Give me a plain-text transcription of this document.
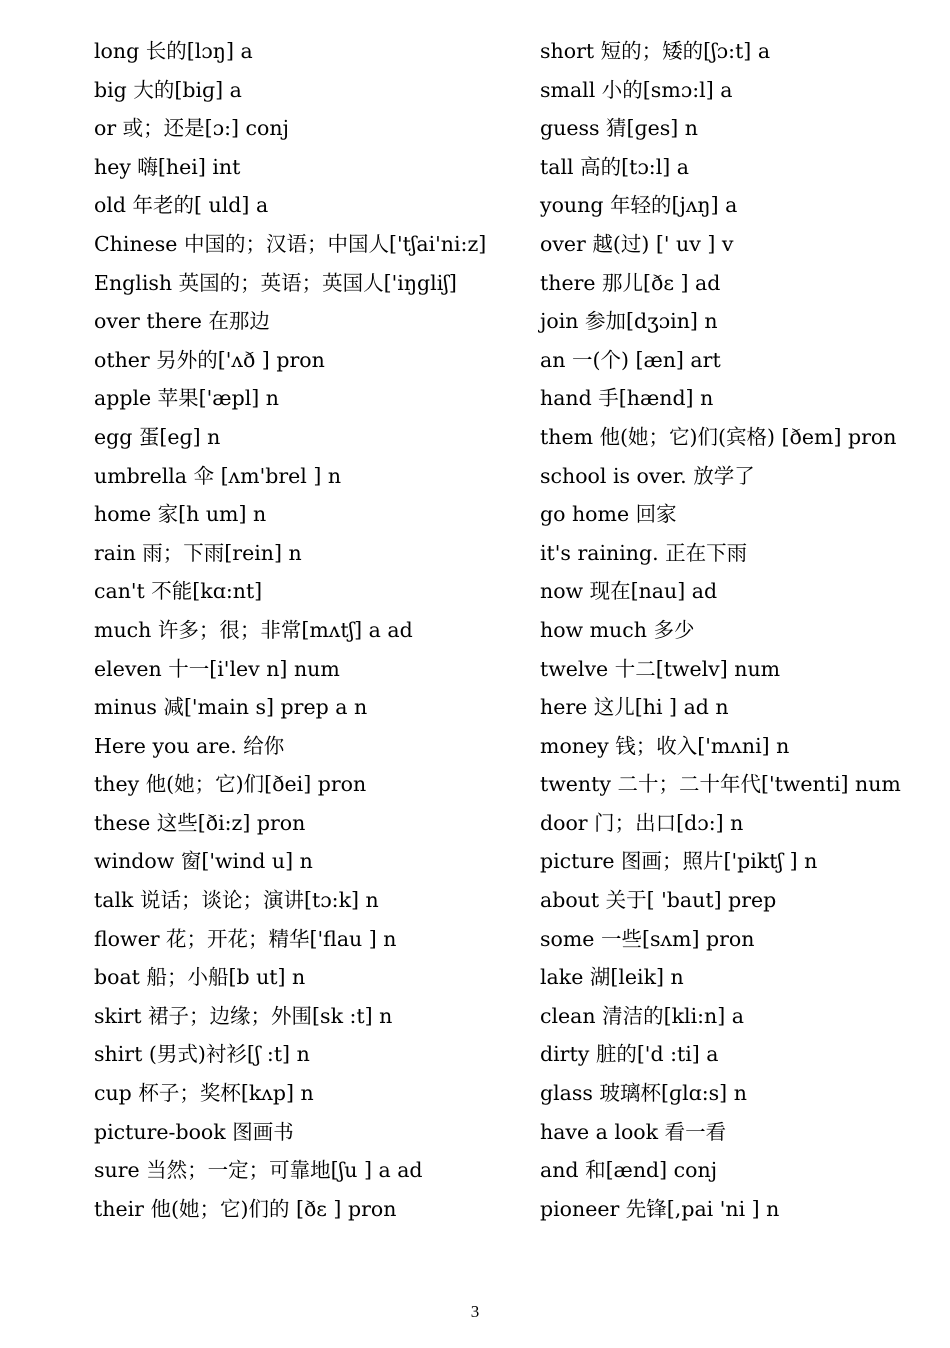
long 长的[lɔŋ] a
big 大的[biɡ] a
or 或；还是[ɔ:] conj
hey 嗨[hei] int
old 年老的[ uld] a
Chinese 中国的；汉语；中国人['tʃai'ni:z]
English 英国的；英语；英国人['iŋgliʃ]
over there 在那边
other 另外的['ʌð ] pron
apple 苹果['æpl] n
egg 蛋[eɡ] n
umbrella 伞 [ʌm'brel ] n
home 家[h um] n
rain 雨；下雨[rein] n
can't 不能[kɑ:nt]
much 许多；很；非常[mʌtʃ] a ad
eleven 十一[i'lev n] num
minus 减['main s] prep a n
Here you are. 给你
they 他(她；它)们[ðei] pron
these 这些[ði:z] pron
window 窗['wind u] n
talk 说话；谈论；演讲[tɔ:k] n
flower 花；开花；精华['flau ] n
boat 船；小船[b ut] n
skirt 裙子；边缘；外围[sk :t] n
shirt (男式)衬衫[ʃ :t] n
cup 杯子；奖杯[kʌp] n
picture-book 图画书
sure 当然；一定；可靠地[ʃu ] a ad
their 他(她；它)们的 [ðɛ ] pron
short 短的；矮的[ʃɔ:t] a
small 小的[smɔ:l] a
guess 猜[ɡes] n
tall 高的[tɔ:l] a
young 年轻的[jʌŋ] a
over 越(过) [' uv ] v
there 那儿[ðɛ ] ad
join 参加[dʒɔin] n
an 一(个) [æn] art
hand 手[hænd] n
them 他(她；它)们(宾格) [ðem] pron
school is over. 放学了
go home 回家
it's raining. 正在下雨
now 现在[nau] ad
how much 多少
twelve 十二[twelv] num
here 这儿[hi ] ad n
money 钱；收入['mʌni] n
twenty 二十；二十年代['twenti] num
door 门；出口[dɔ:] n
picture 图画；照片['piktʃ ] n
about 关于[ 'baut] prep
some 一些[sʌm] pron
lake 湖[leik] n
clean 清洁的[kli:n] a
dirty 脏的['d :ti] a
glass 玻璃杯[ɡlɑ:s] n
have a look 看一看
and 和[ænd] conj
pioneer 先锋[,pai 'ni ] n
3
